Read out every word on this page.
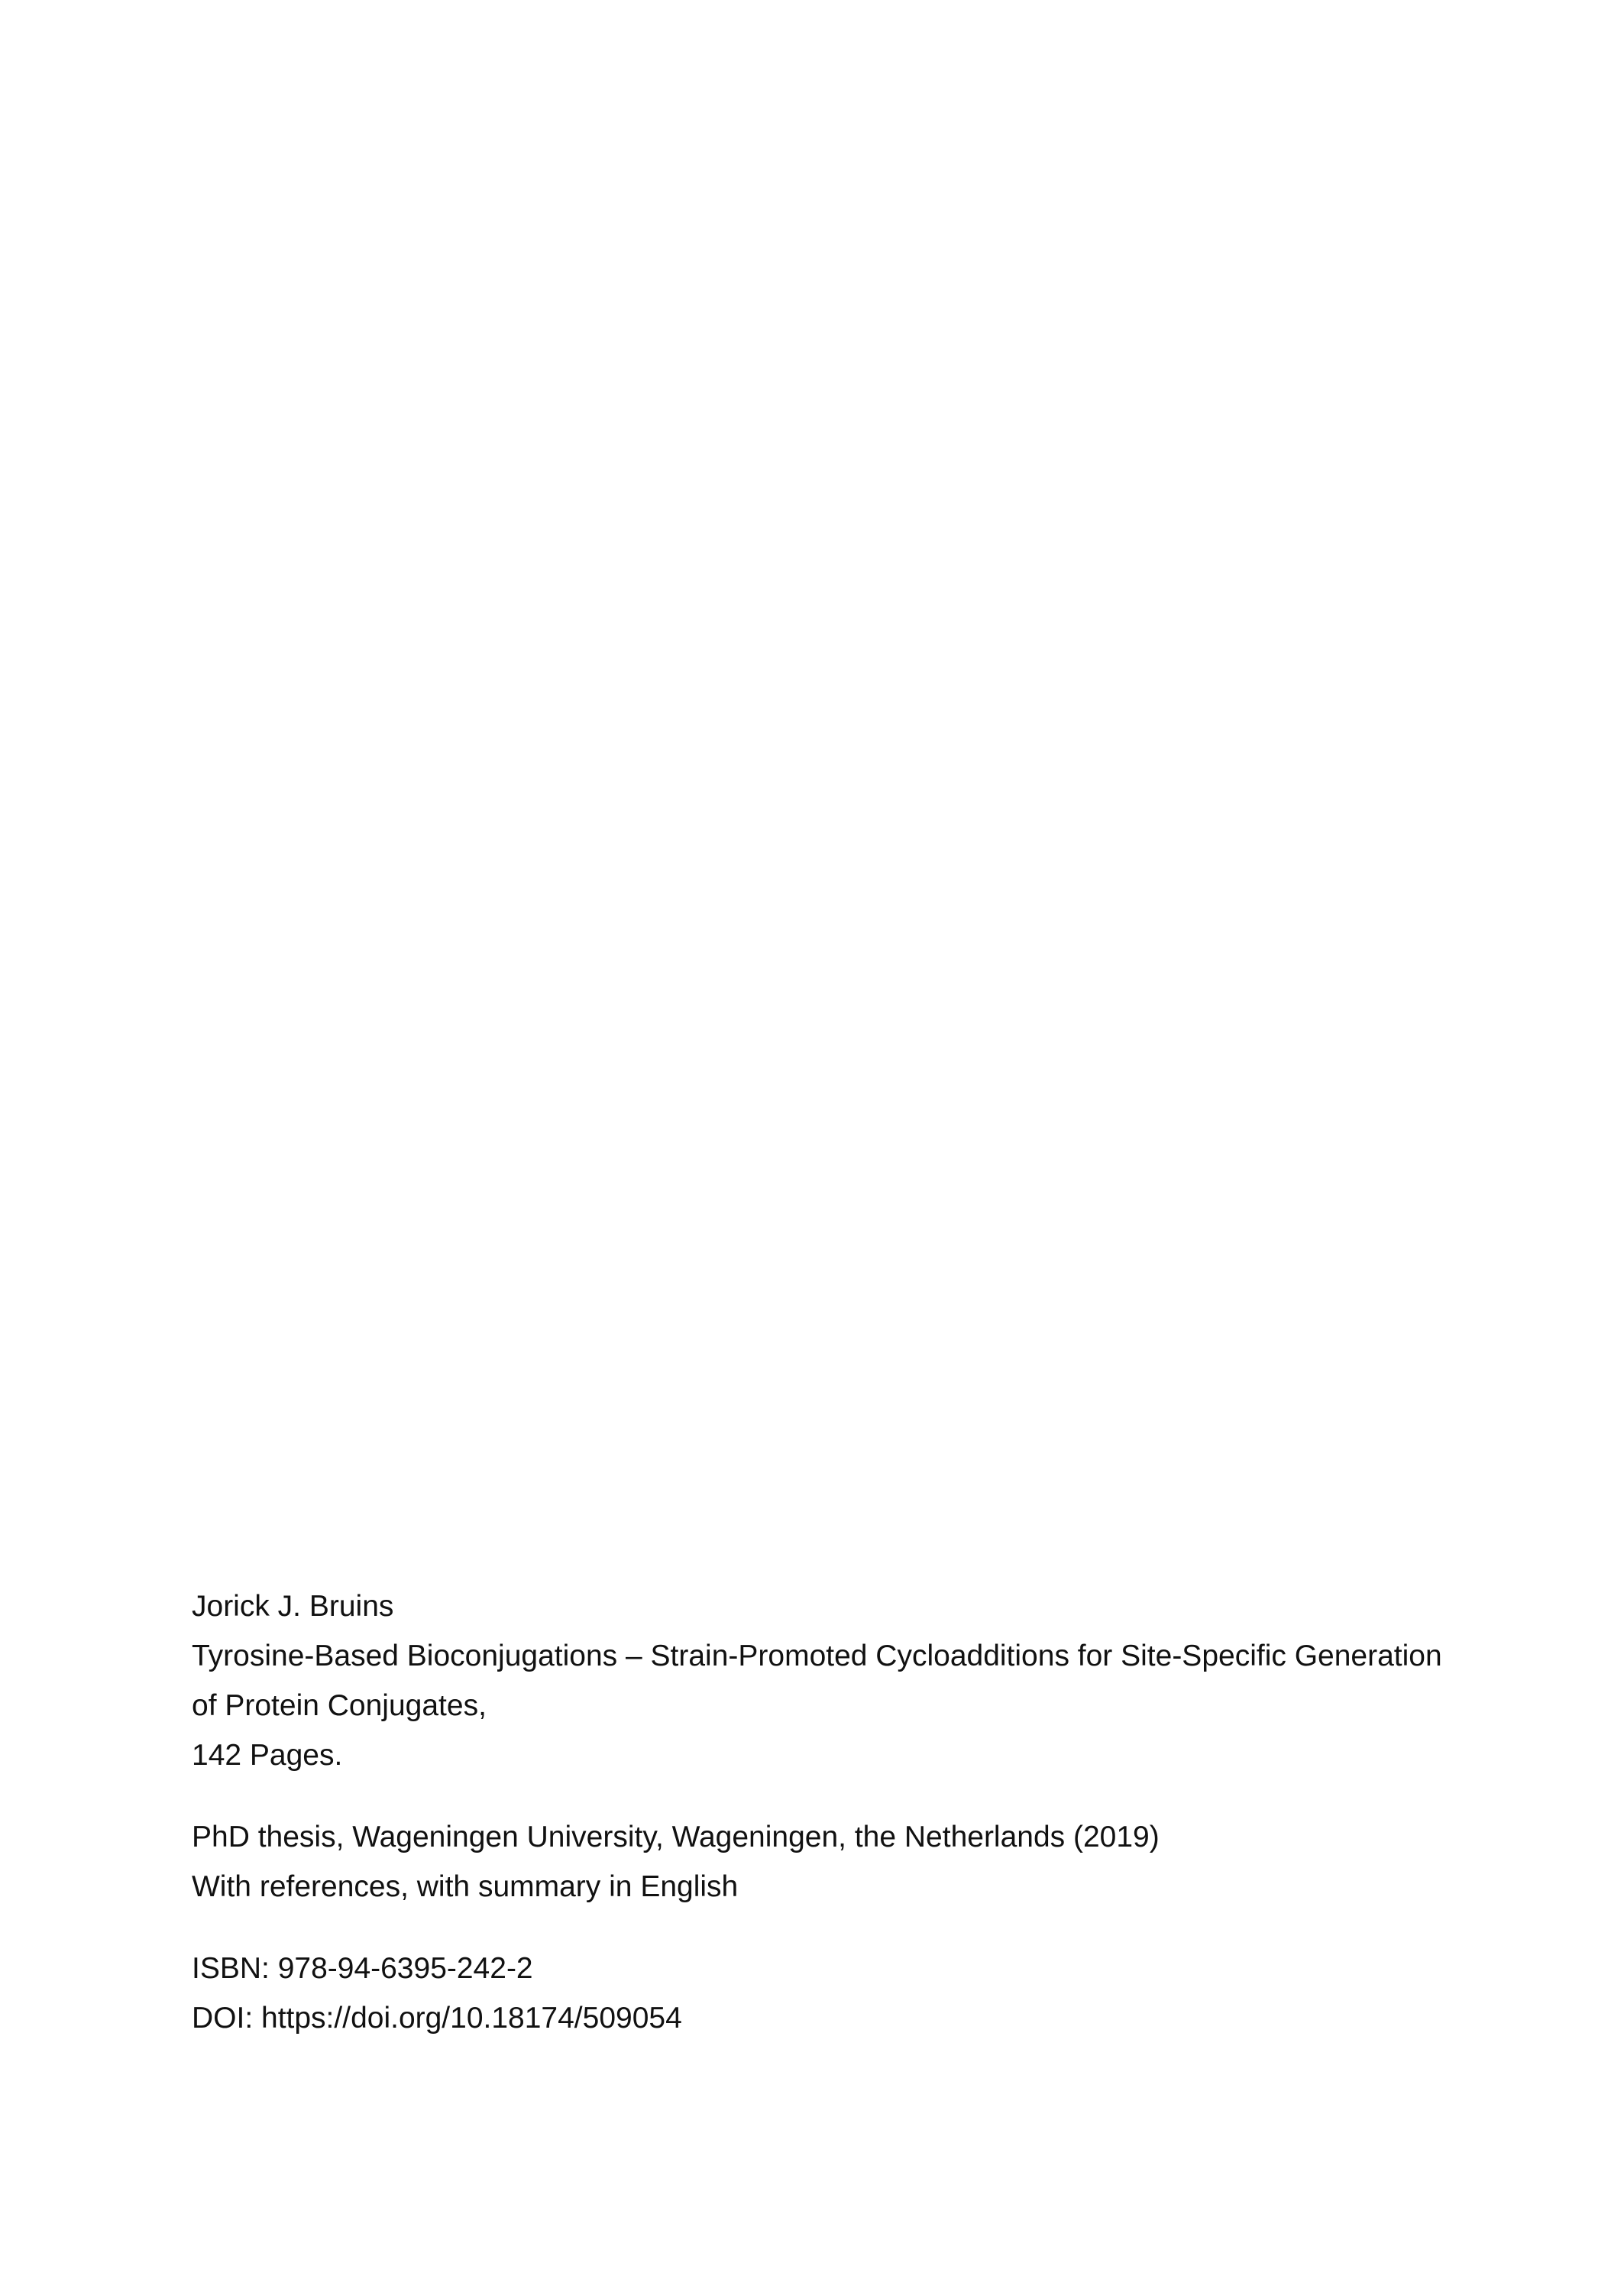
Jorick J. Bruins

Tyrosine-Based Bioconjugations – Strain-Promoted Cycloadditions for Site-Specific Generation

of Protein Conjugates,

142 Pages.

PhD thesis, Wageningen University, Wageningen, the Netherlands (2019)

With references, with summary in English

ISBN: 978-94-6395-242-2

DOI: https://doi.org/10.18174/509054
